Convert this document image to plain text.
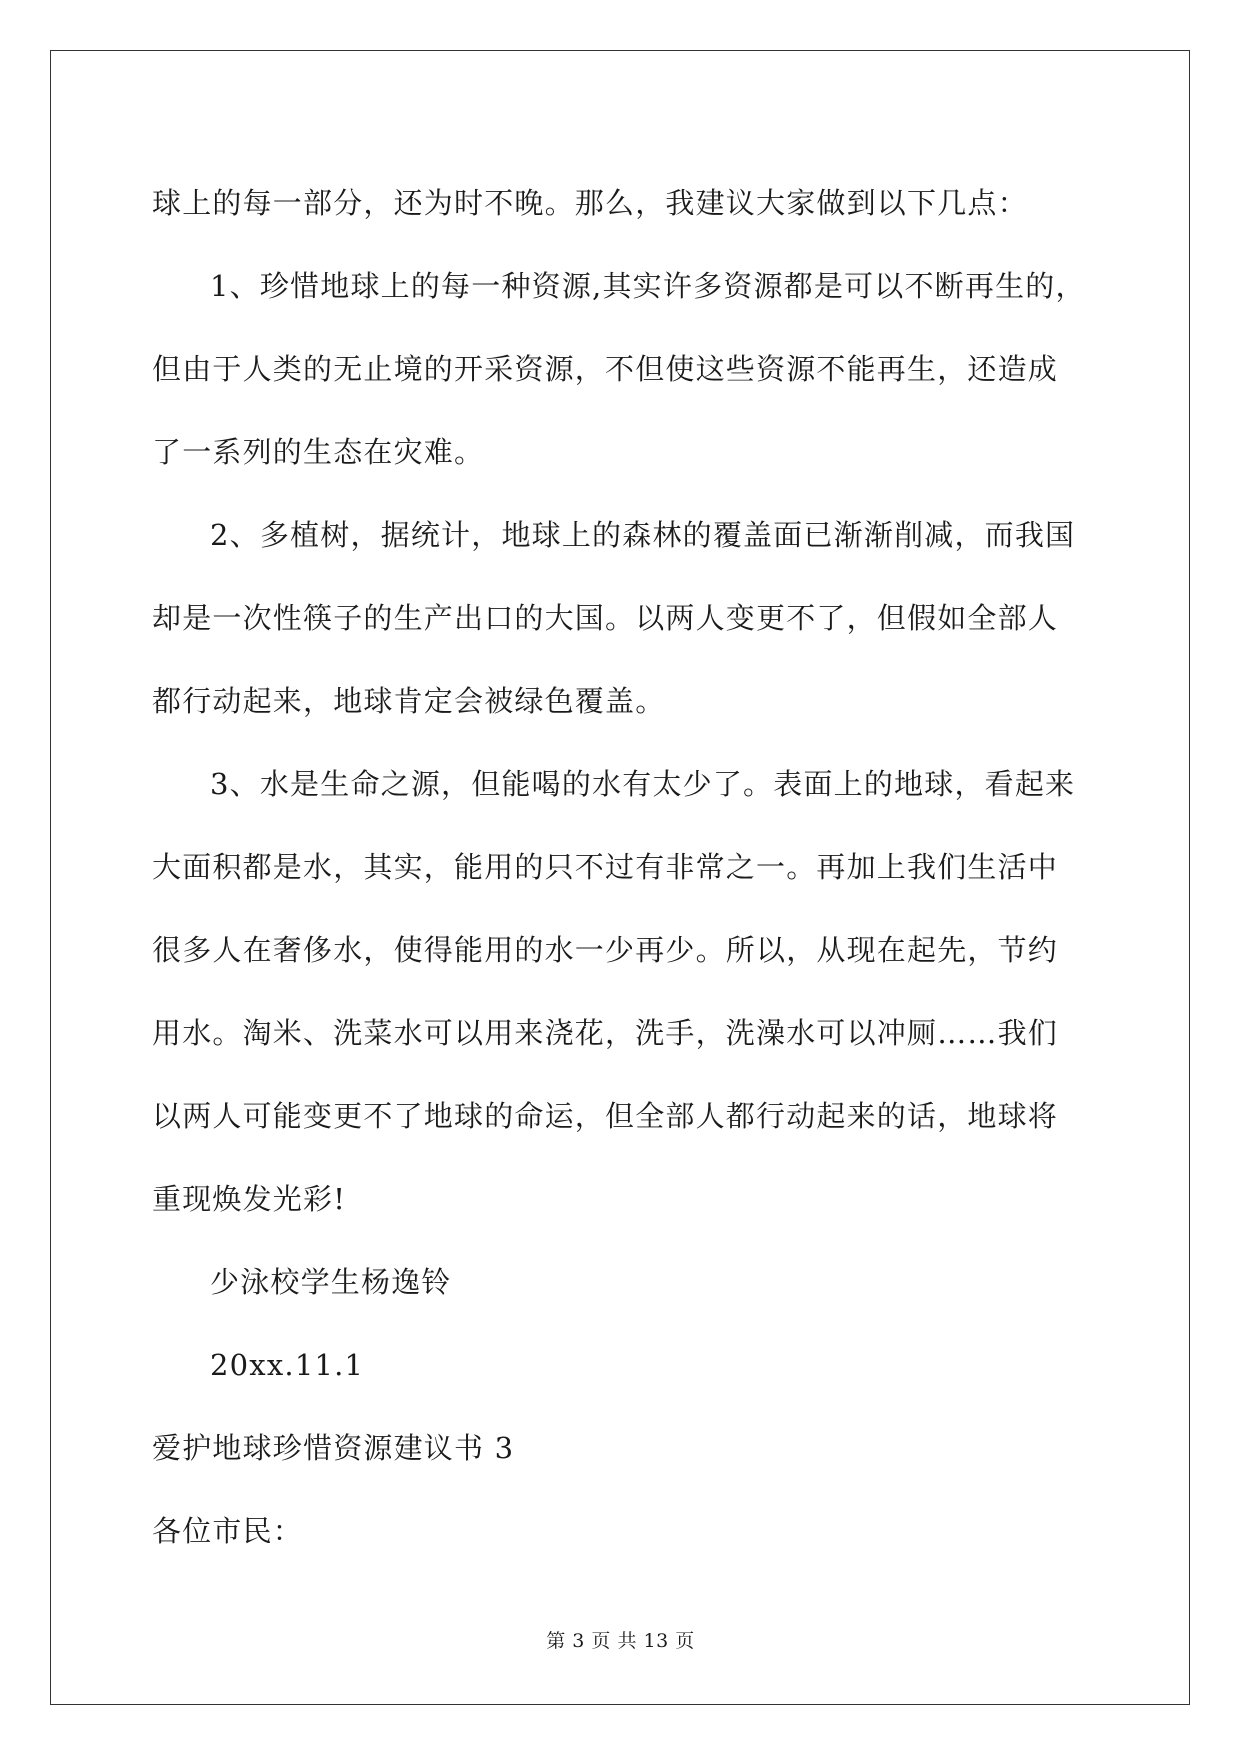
球上的每一部分，还为时不晚。那么，我建议大家做到以下几点：

1、珍惜地球上的每一种资源,其实许多资源都是可以不断再生的，

但由于人类的无止境的开采资源，不但使这些资源不能再生，还造成

了一系列的生态在灾难。

2、多植树，据统计，地球上的森林的覆盖面已渐渐削减，而我国

却是一次性筷子的生产出口的大国。以两人变更不了，但假如全部人

都行动起来，地球肯定会被绿色覆盖。

3、水是生命之源，但能喝的水有太少了。表面上的地球，看起来

大面积都是水，其实，能用的只不过有非常之一。再加上我们生活中

很多人在奢侈水，使得能用的水一少再少。所以，从现在起先，节约

用水。淘米、洗菜水可以用来浇花，洗手，洗澡水可以冲厕……我们

以两人可能变更不了地球的命运，但全部人都行动起来的话，地球将

重现焕发光彩!

少泳校学生杨逸铃

20xx.11.1

爱护地球珍惜资源建议书 3

各位市民：

第 3 页 共 13 页
